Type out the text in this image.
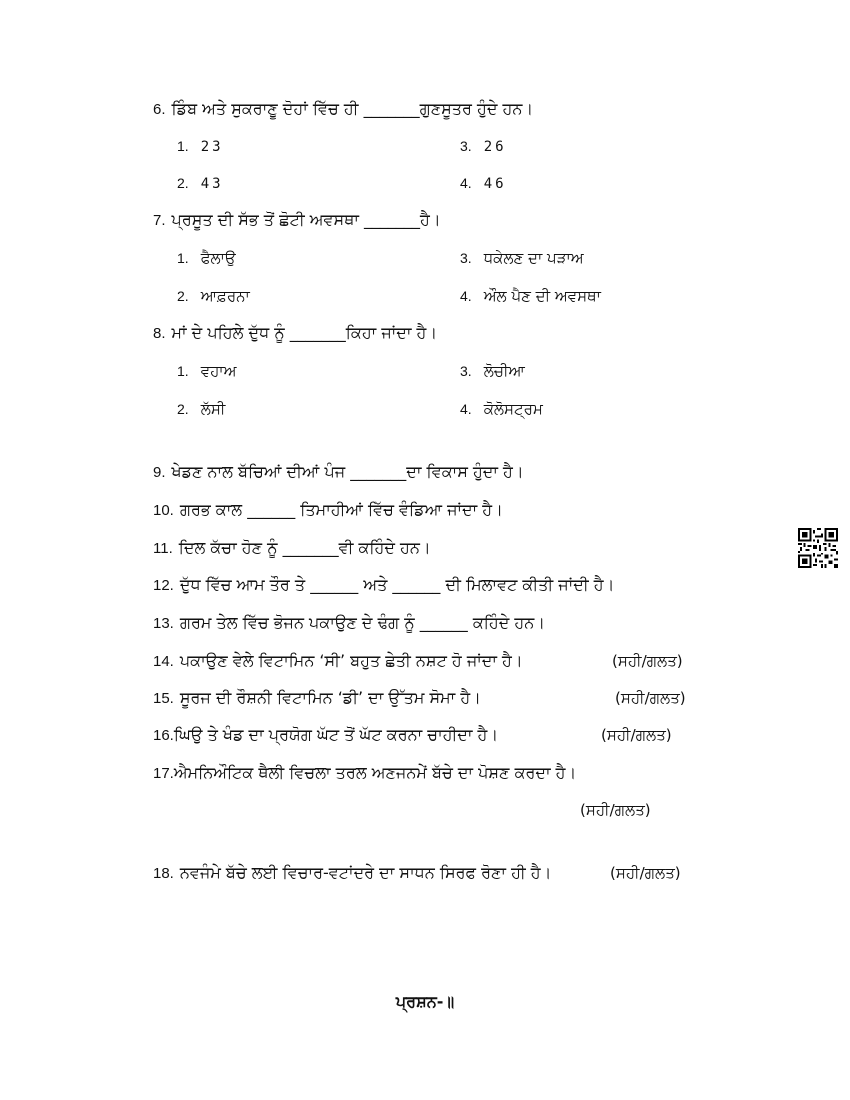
6. ਡਿੰਬ ਅਤੇ ਸੁਕਰਾਣੂ ਦੋਹਾਂ ਵਿੱਚ ਹੀ _______ਗੁਣਸੂਤਰ ਹੁੰਦੇ ਹਨ।
1. 23	3. 26
2. 43	4. 46
7. ਪ੍ਰਸੂਤ ਦੀ ਸੱਭ ਤੋਂ ਛੋਟੀ ਅਵਸਥਾ _______ਹੈ।
1. ਫੈਲਾਉ	3. ਧਕੇਲਣ ਦਾ ਪੜਾਅ
2. ਆਫ਼ਰਨਾ	4. ਔਲ ਪੈਣ ਦੀ ਅਵਸਥਾ
8. ਮਾਂ ਦੇ ਪਹਿਲੇ ਦੁੱਧ ਨੂੰ _______ਕਿਹਾ ਜਾਂਦਾ ਹੈ।
1. ਵਹਾਅ	3. ਲੋਚੀਆ
2. ਲੱਸੀ	4. ਕੋਲੋਸਟ੍ਰਮ
9. ਖੇਡਣ ਨਾਲ ਬੱਚਿਆਂ ਦੀਆਂ ਪੰਜ _______ਦਾ ਵਿਕਾਸ ਹੁੰਦਾ ਹੈ।
10. ਗਰਭ ਕਾਲ ______ ਤਿਮਾਹੀਆਂ ਵਿੱਚ ਵੰਡਿਆ ਜਾਂਦਾ ਹੈ।
11. ਦਿਲ ਕੱਚਾ ਹੋਣ ਨੂੰ _______ਵੀ ਕਹਿੰਦੇ ਹਨ।
12. ਦੁੱਧ ਵਿੱਚ ਆਮ ਤੌਰ ਤੇ ______ ਅਤੇ ______ ਦੀ ਮਿਲਾਵਟ ਕੀਤੀ ਜਾਂਦੀ ਹੈ।
13. ਗਰਮ ਤੇਲ ਵਿੱਚ ਭੋਜਨ ਪਕਾਉਣ ਦੇ ਢੰਗ ਨੂੰ ______ ਕਹਿੰਦੇ ਹਨ।
14. ਪਕਾਉਣ ਵੇਲੇ ਵਿਟਾਮਿਨ ‘ਸੀ’ ਬਹੁਤ ਛੇਤੀ ਨਸ਼ਟ ਹੋ ਜਾਂਦਾ ਹੈ।	(ਸਹੀ/ਗਲਤ)
15. ਸੂਰਜ ਦੀ ਰੌਸ਼ਨੀ ਵਿਟਾਮਿਨ ‘ਡੀ’ ਦਾ ਉੱਤਮ ਸੋਮਾ ਹੈ।	(ਸਹੀ/ਗਲਤ)
16.ਘਿਉ ਤੇ ਖੰਡ ਦਾ ਪ੍ਰਯੋਗ ਘੱਟ ਤੋਂ ਘੱਟ ਕਰਨਾ ਚਾਹੀਦਾ ਹੈ।	(ਸਹੀ/ਗਲਤ)
17.ਐਮਨਿਔਟਿਕ ਥੈਲੀ ਵਿਚਲਾ ਤਰਲ ਅਣਜਨਮੇਂ ਬੱਚੇ ਦਾ ਪੋਸ਼ਣ ਕਰਦਾ ਹੈ।
(ਸਹੀ/ਗਲਤ)
18. ਨਵਜੰਮੇ ਬੱਚੇ ਲਈ ਵਿਚਾਰ-ਵਟਾਂਦਰੇ ਦਾ ਸਾਧਨ ਸਿਰਫ ਰੋਣਾ ਹੀ ਹੈ।	(ਸਹੀ/ਗਲਤ)
ਪ੍ਰਸ਼ਨ-॥
